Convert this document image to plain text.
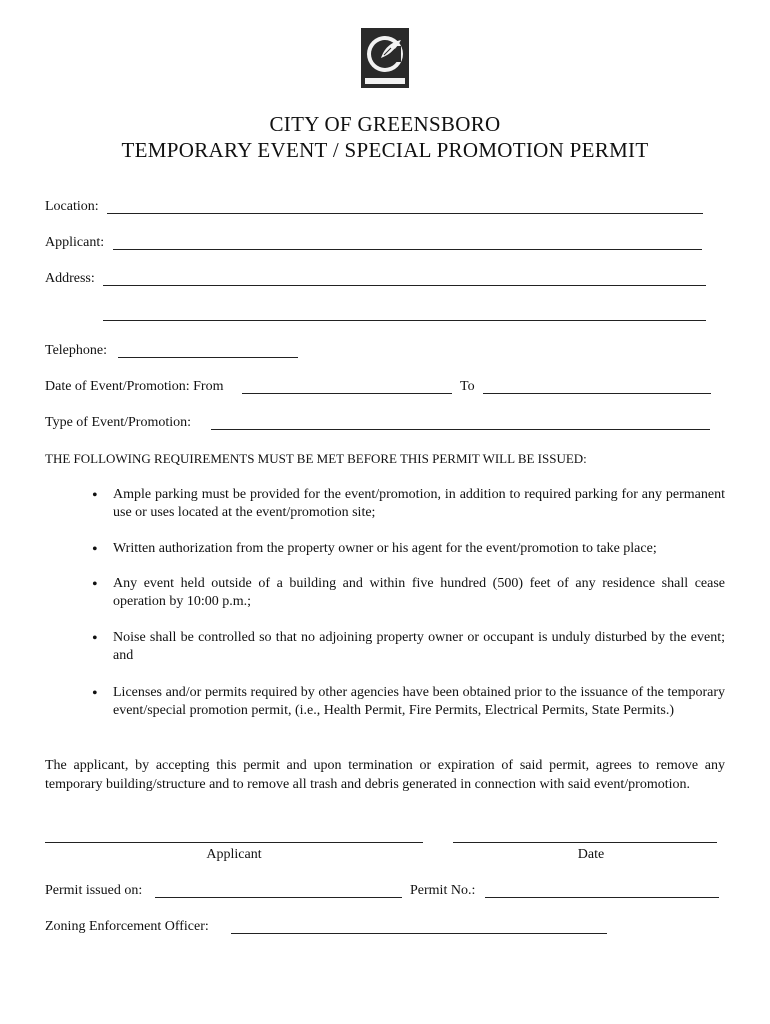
CITY OF GREENSBORO
TEMPORARY EVENT / SPECIAL PROMOTION PERMIT
Location:
Applicant:
Address:
Telephone:
Date of Event/Promotion: From	To
Type of Event/Promotion:
THE FOLLOWING REQUIREMENTS MUST BE MET BEFORE THIS PERMIT WILL BE ISSUED:
• Ample parking must be provided for the event/promotion, in addition to required parking for any permanent use or uses located at the event/promotion site;
• Written authorization from the property owner or his agent for the event/promotion to take place;
• Any event held outside of a building and within five hundred (500) feet of any residence shall cease operation by 10:00 p.m.;
• Noise shall be controlled so that no adjoining property owner or occupant is unduly disturbed by the event; and
• Licenses and/or permits required by other agencies have been obtained prior to the issuance of the temporary event/special promotion permit, (i.e., Health Permit, Fire Permits, Electrical Permits, State Permits.)
The applicant, by accepting this permit and upon termination or expiration of said permit, agrees to remove any temporary building/structure and to remove all trash and debris generated in connection with said event/promotion.
Applicant	Date
Permit issued on:	Permit No.:
Zoning Enforcement Officer:
